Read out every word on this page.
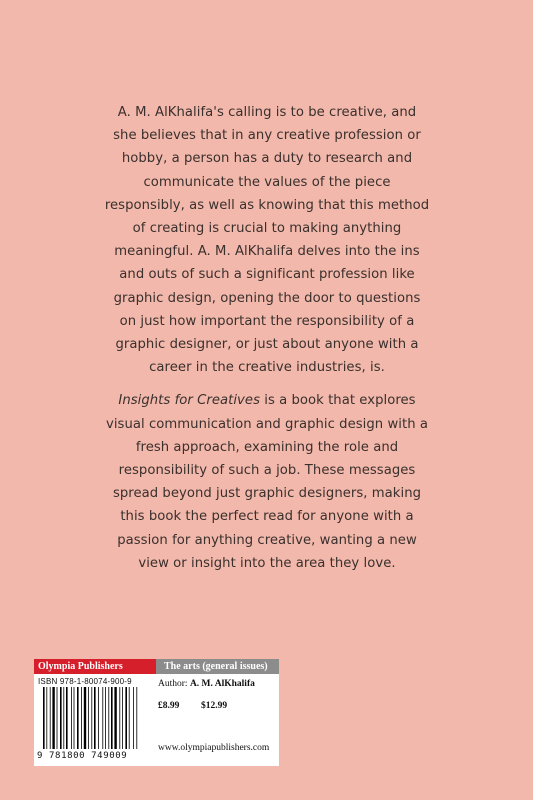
A. M. AlKhalifa's calling is to be creative, and she believes that in any creative profession or hobby, a person has a duty to research and communicate the values of the piece responsibly, as well as knowing that this method of creating is crucial to making anything meaningful. A. M. AlKhalifa delves into the ins and outs of such a significant profession like graphic design, opening the door to questions on just how important the responsibility of a graphic designer, or just about anyone with a career in the creative industries, is.

Insights for Creatives is a book that explores visual communication and graphic design with a fresh approach, examining the role and responsibility of such a job. These messages spread beyond just graphic designers, making this book the perfect read for anyone with a passion for anything creative, wanting a new view or insight into the area they love.

Olympia Publishers	The arts (general issues)
ISBN 978-1-80074-900-9
9 781800 749009
Author: A. M. AlKhalifa
£8.99 $12.99
www.olympiapublishers.com
